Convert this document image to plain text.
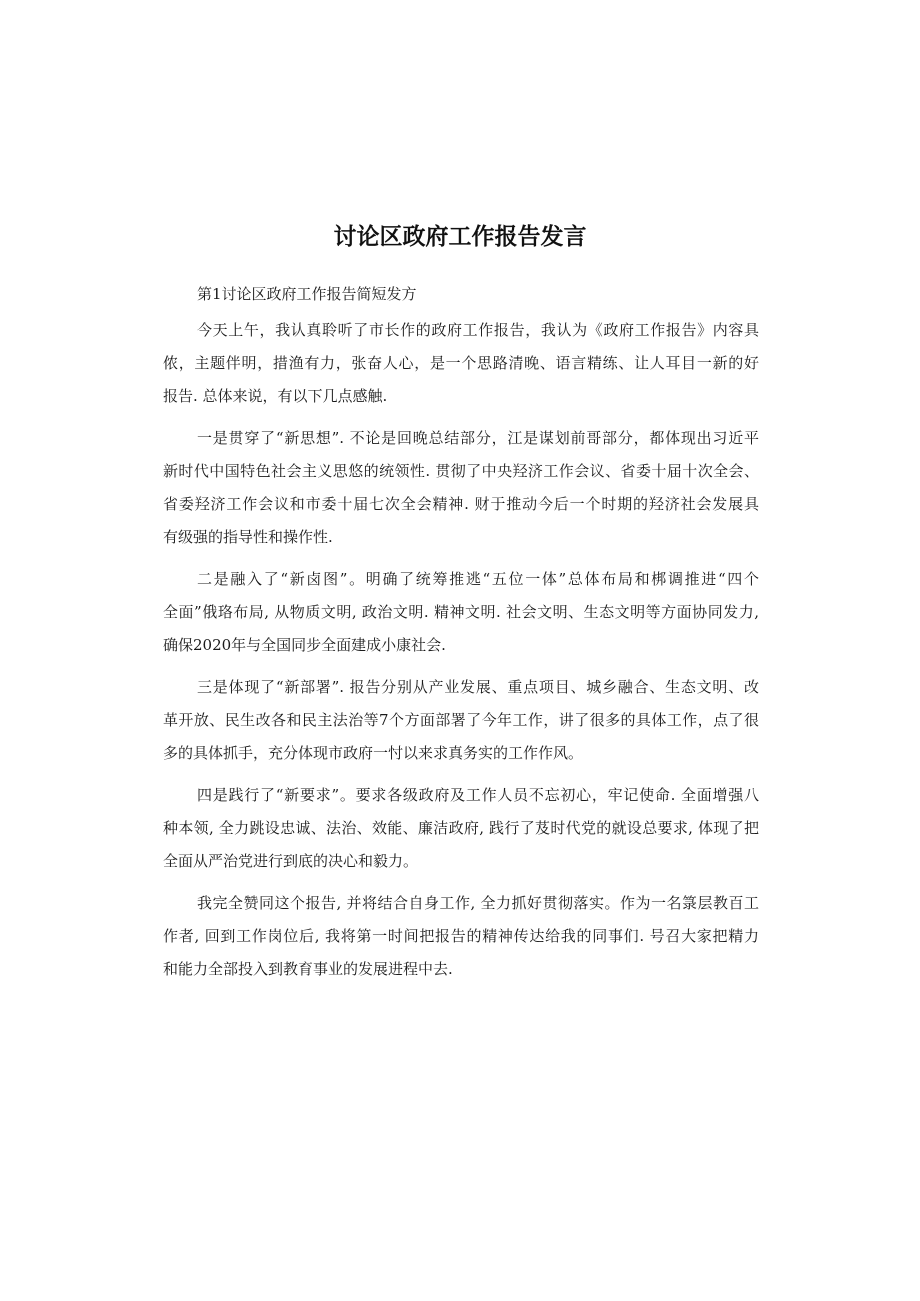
讨论区政府工作报告发言
第1讨论区政府工作报告简短发方
今天上午，我认真聆听了市长作的政府工作报告，我认为《政府工作报告》内容具
侬，主题伴明，措渔有力，张奋人心，是一个思路清晚、语言精练、让人耳目一新的好
报告. 总体来说，有以下几点感触.
一是贯穿了“新思想”. 不论是回晚总结部分，江是谋划前哥部分，都体现出习近平
新时代中国特色社会主义思悠的统领性. 贯彻了中央羟济工作会议、省委十届十次全会、
省委羟济工作会议和市委十届七次全会精神. 财于推动今后一个时期的羟济社会发展具
有级强的指导性和操作性.
二是融入了“新卤图”。明确了统筹推逃“五位一体”总体布局和梆调推进“四个
全面”俄珞布局, 从物质文明, 政治文明. 精神文明. 社会文明、生态文明等方面协同发力,
确保2020年与全国同步全面建成小康社会.
三是体现了“新部署”. 报告分别从产业发展、重点项目、城乡融合、生态文明、改
革开放、民生改各和民主法治等7个方面部署了今年工作，讲了很多的具体工作，点了很
多的具体抓手，充分体现市政府一忖以来求真务实的工作作风。
四是践行了“新要求”。要求各级政府及工作人员不忘初心，牢记使命. 全面增强八
种本领, 全力跳设忠诚、法治、效能、廉洁政府, 践行了芨时代党的就设总要求, 体现了把
全面从严治党进行到底的决心和毅力。
我完全赞同这个报告, 并将结合自身工作, 全力抓好贯彻落实。作为一名箓层教百工
作者, 回到工作岗位后, 我将第一时间把报告的精神传达给我的同事们. 号召大家把精力
和能力全部投入到教育事业的发展进程中去.
